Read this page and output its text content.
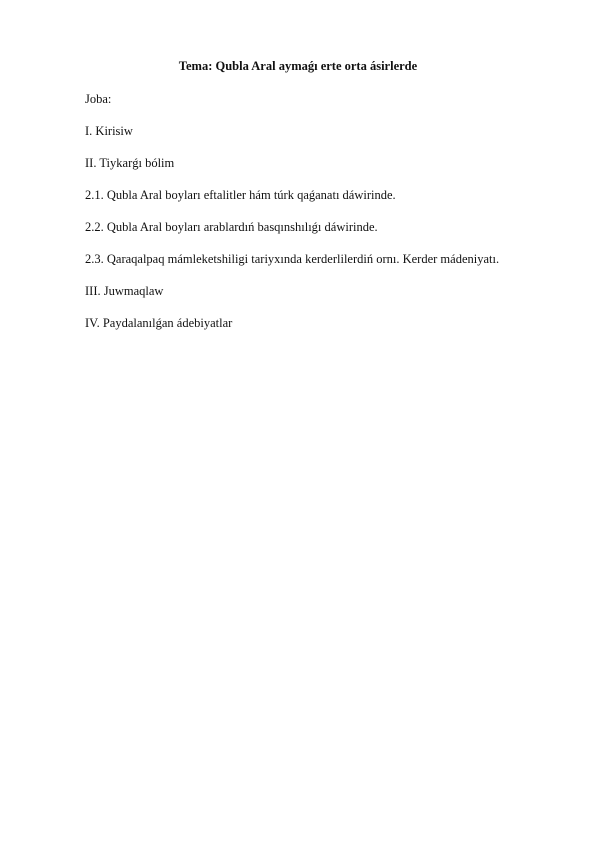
Tema: Qubla Aral aymaǵı erte orta ásirlerde
Joba:
I. Kirisiw
II. Tiykarǵı bólim
2.1. Qubla Aral boyları eftalitler hám túrk qaǵanatı dáwirinde.
2.2. Qubla Aral boyları arablardıń basqınshılıǵı dáwirinde.
2.3. Qaraqalpaq mámleketshiligi tariyxında kerderlilerdiń ornı. Kerder mádeniyatı.
III. Juwmaqlaw
IV. Paydalanılǵan ádebiyatlar
